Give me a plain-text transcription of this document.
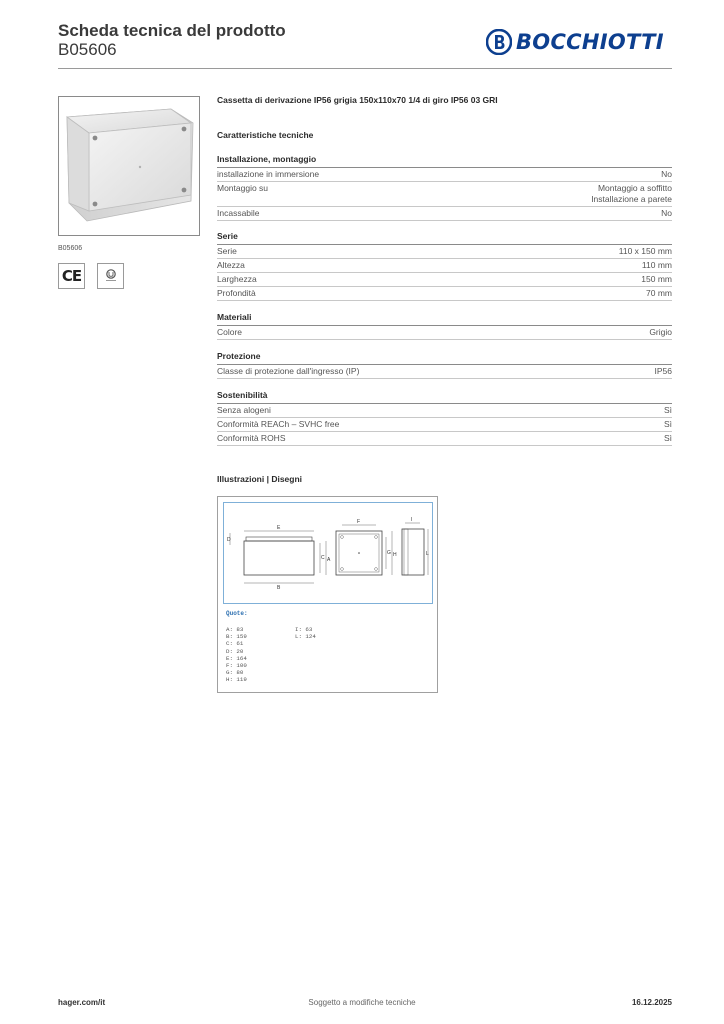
Scheda tecnica del prodotto
B05606	BOCCHIOTTI
B05606
CE
Cassetta di derivazione IP56 grigia 150x110x70 1/4 di giro IP56 03 GRI
Caratteristiche tecniche
Installazione, montaggio
installazione in immersione	No
Montaggio su	Montaggio a soffitto
Installazione a parete
Incassabile	No
Serie
Serie	110 x 150 mm
Altezza	110 mm
Larghezza	150 mm
Profondità	70 mm
Materiali
Colore	Grigio
Protezione
Classe di protezione dall'ingresso (IP)	IP56
Sostenibilità
Senza alogeni	Sì
Conformità REACh – SVHC free	Sì
Conformità ROHS	Sì
Illustrazioni | Disegni
E
B
D
C A
F
G H
I
L
Quote:
A: 83
B: 159
C: 61
D: 20
E: 164
F: 100
G: 80
H: 119
I: 63
L: 124
Soggetto a modifiche tecniche
hager.com/it	16.12.2025
